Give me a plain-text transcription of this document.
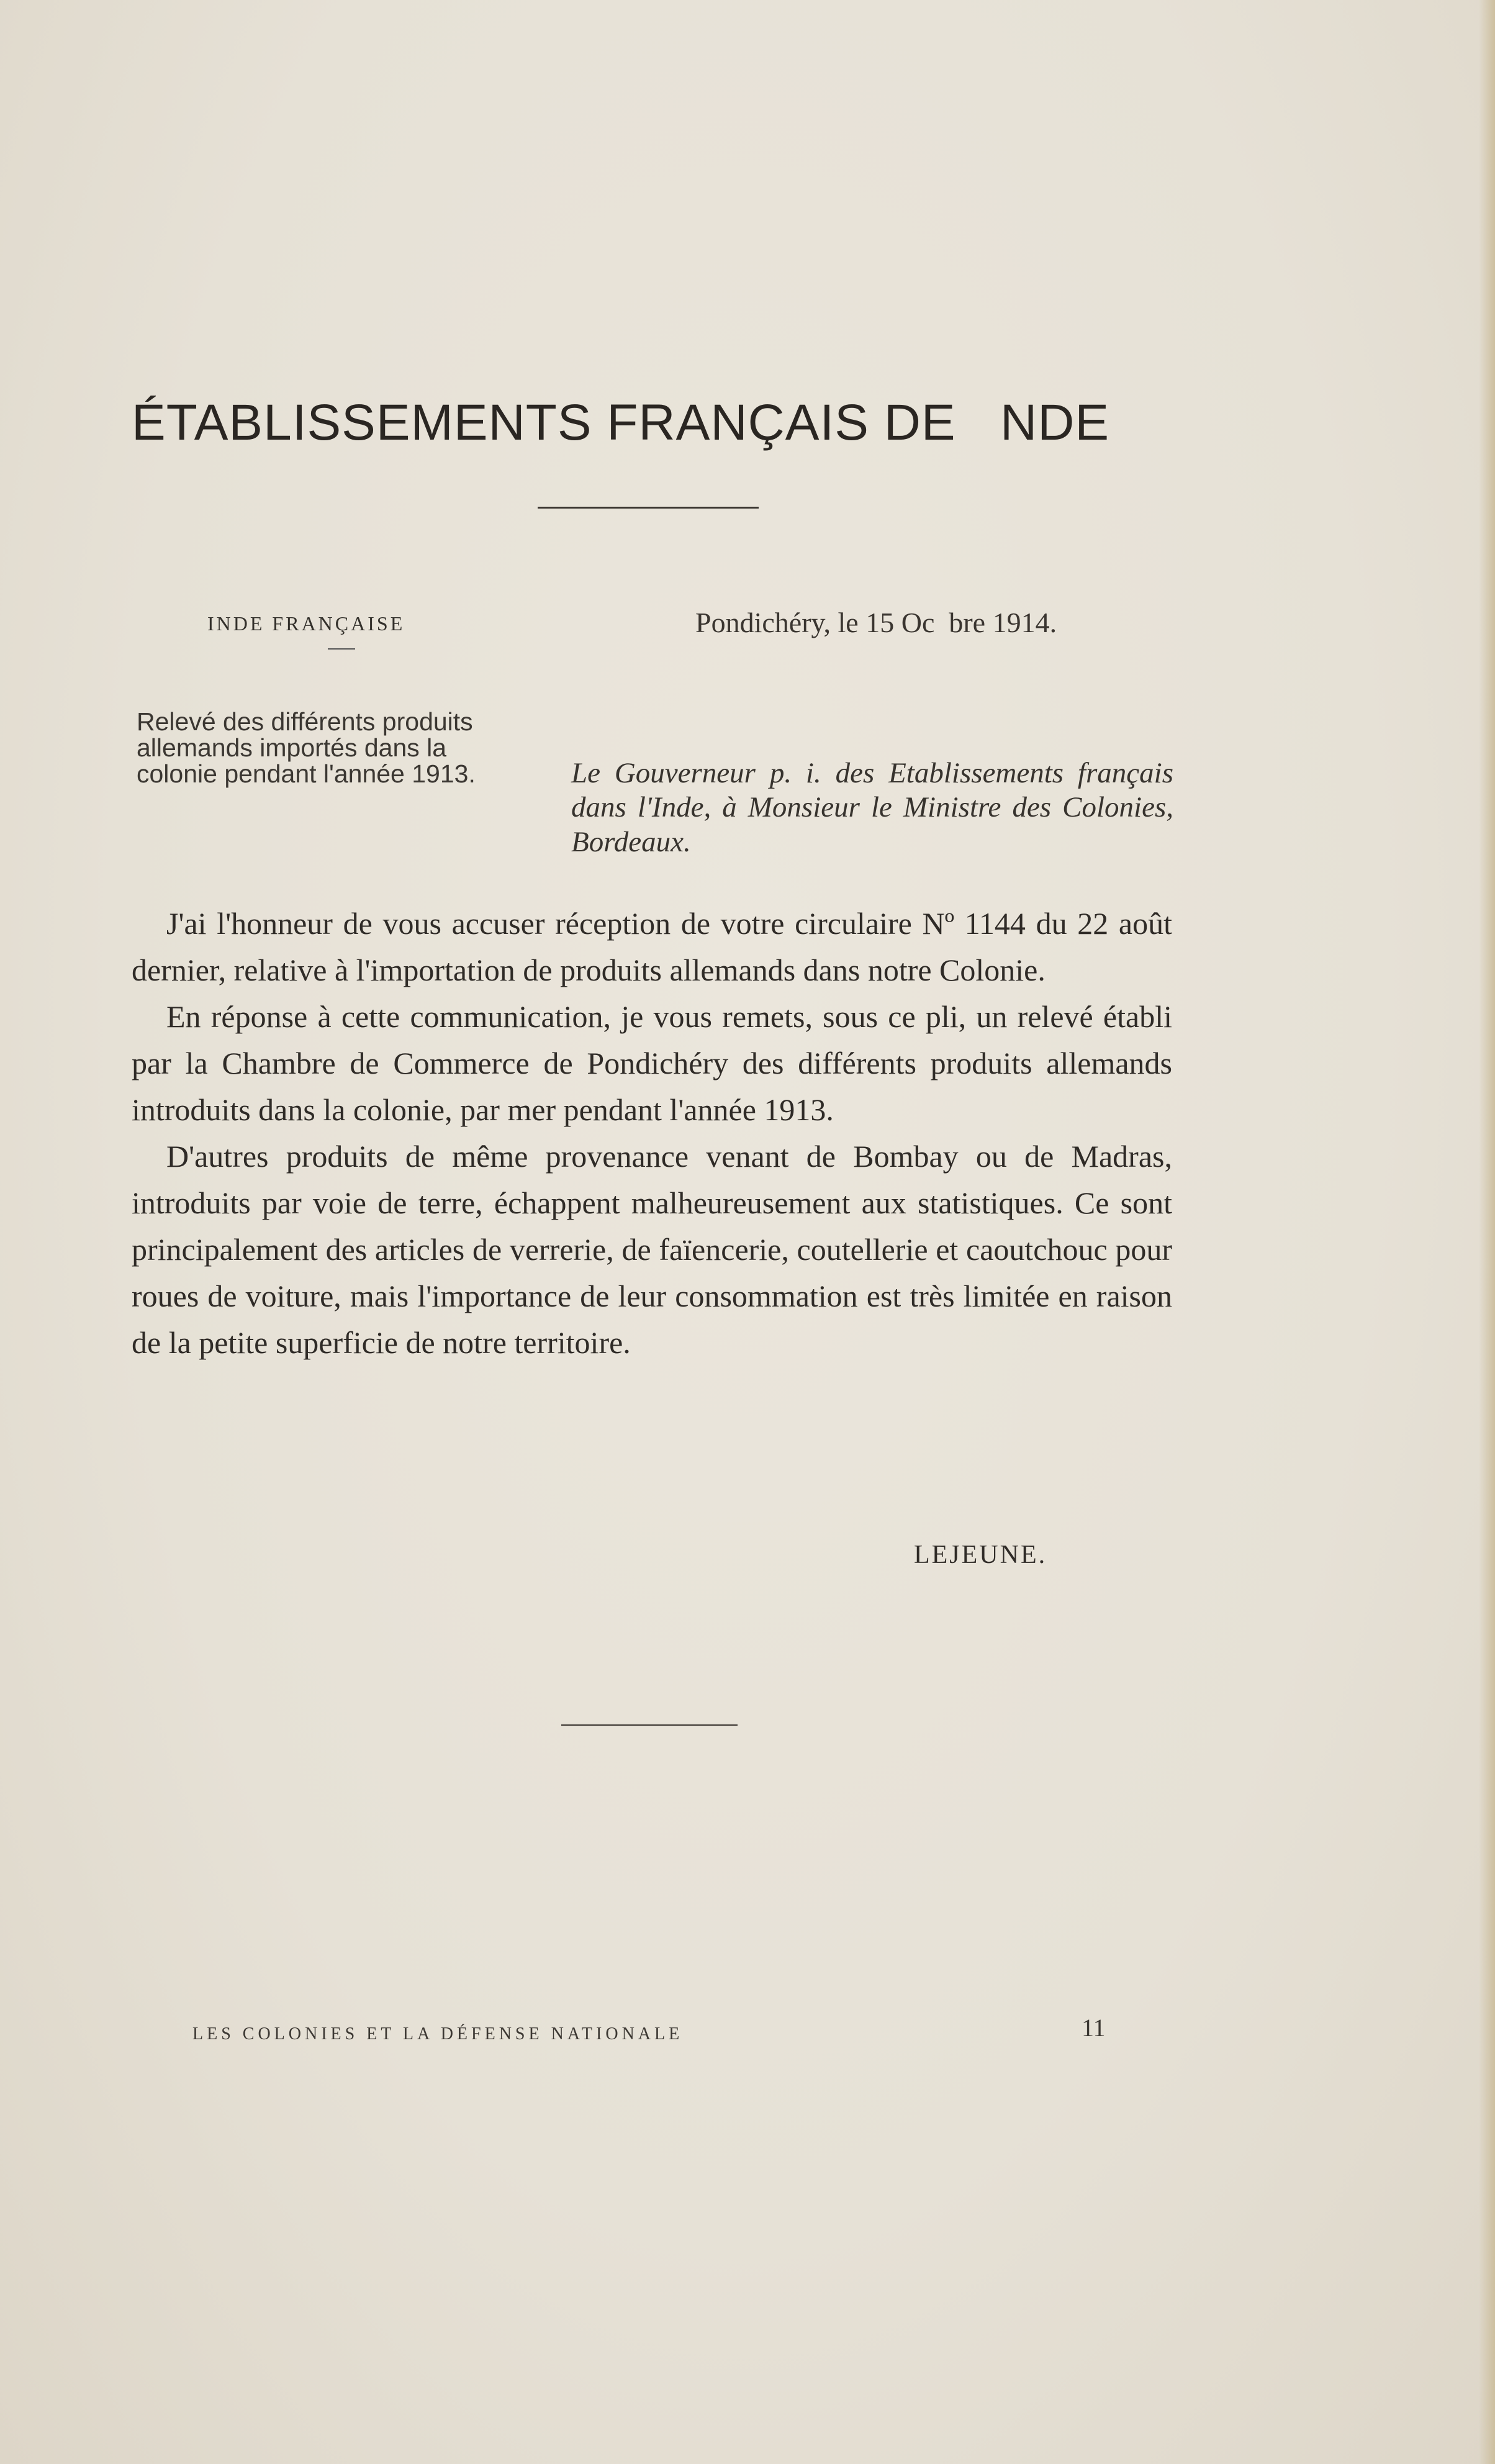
ÉTABLISSEMENTS FRANÇAIS DE   NDE
INDE FRANÇAISE	Pondichéry, le 15 Oc  bre 1914.
Relevé des différents produits allemands importés dans la colonie pendant l'année 1913.	Le Gouverneur p. i. des Etablissements français dans l'Inde, à Monsieur le Ministre des Colonies, Bordeaux.

J'ai l'honneur de vous accuser réception de votre circulaire Nº 1144 du 22 août dernier, relative à l'importation de produits allemands dans notre Colonie.

En réponse à cette communication, je vous remets, sous ce pli, un relevé établi par la Chambre de Commerce de Pondichéry des différents produits allemands introduits dans la colonie, par mer pendant l'année 1913.

D'autres produits de même provenance venant de Bombay ou de Madras, introduits par voie de terre, échappent malheureusement aux statistiques. Ce sont principalement des articles de verrerie, de faïencerie, coutellerie et caoutchouc pour roues de voiture, mais l'importance de leur consommation est très limitée en raison de la petite superficie de notre territoire.

LEJEUNE.
LES COLONIES ET LA DÉFENSE NATIONALE	11
